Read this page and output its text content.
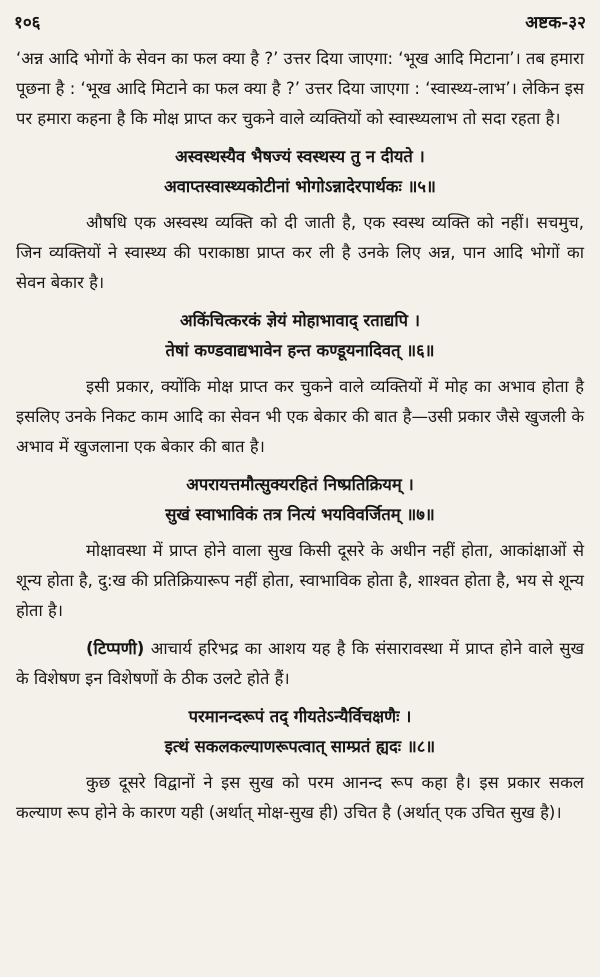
१०६	अष्टक-३२

‘अन्न आदि भोगों के सेवन का फल क्या है ?’ उत्तर दिया जाएगा: ‘भूख आदि मिटाना’। तब हमारा पूछना है : ‘भूख आदि मिटाने का फल क्या है ?’ उत्तर दिया जाएगा : ‘स्वास्थ्य-लाभ’। लेकिन इस पर हमारा कहना है कि मोक्ष प्राप्त कर चुकने वाले व्यक्तियों को स्वास्थ्यलाभ तो सदा रहता है।

अस्वस्थस्यैव भैषज्यं स्वस्थस्य तु न दीयते ।
अवाप्तस्वास्थ्यकोटीनां भोगोऽन्नादेरपार्थकः ॥५॥

औषधि एक अस्वस्थ व्यक्ति को दी जाती है, एक स्वस्थ व्यक्ति को नहीं। सचमुच, जिन व्यक्तियों ने स्वास्थ्य की पराकाष्ठा प्राप्त कर ली है उनके लिए अन्न, पान आदि भोगों का सेवन बेकार है।

अकिंचित्करकं ज्ञेयं मोहाभावाद् रताद्यपि ।
तेषां कण्डवाद्यभावेन हन्त कण्डूयनादिवत् ॥६॥

इसी प्रकार, क्योंकि मोक्ष प्राप्त कर चुकने वाले व्यक्तियों में मोह का अभाव होता है इसलिए उनके निकट काम आदि का सेवन भी एक बेकार की बात है—उसी प्रकार जैसे खुजली के अभाव में खुजलाना एक बेकार की बात है।

अपरायत्तमौत्सुक्यरहितं निष्प्रतिक्रियम् ।
सुखं स्वाभाविकं तत्र नित्यं भयविवर्जितम् ॥७॥

मोक्षावस्था में प्राप्त होने वाला सुख किसी दूसरे के अधीन नहीं होता, आकांक्षाओं से शून्य होता है, दु:ख की प्रतिक्रियारूप नहीं होता, स्वाभाविक होता है, शाश्वत होता है, भय से शून्य होता है।

(टिप्पणी) आचार्य हरिभद्र का आशय यह है कि संसारावस्था में प्राप्त होने वाले सुख के विशेषण इन विशेषणों के ठीक उलटे होते हैं।

परमानन्दरूपं तद् गीयतेऽन्यैर्विचक्षणैः ।
इत्थं सकलकल्याणरूपत्वात् साम्प्रतं ह्यदः ॥८॥

कुछ दूसरे विद्वानों ने इस सुख को परम आनन्द रूप कहा है। इस प्रकार सकल कल्याण रूप होने के कारण यही (अर्थात् मोक्ष-सुख ही) उचित है (अर्थात् एक उचित सुख है)।
